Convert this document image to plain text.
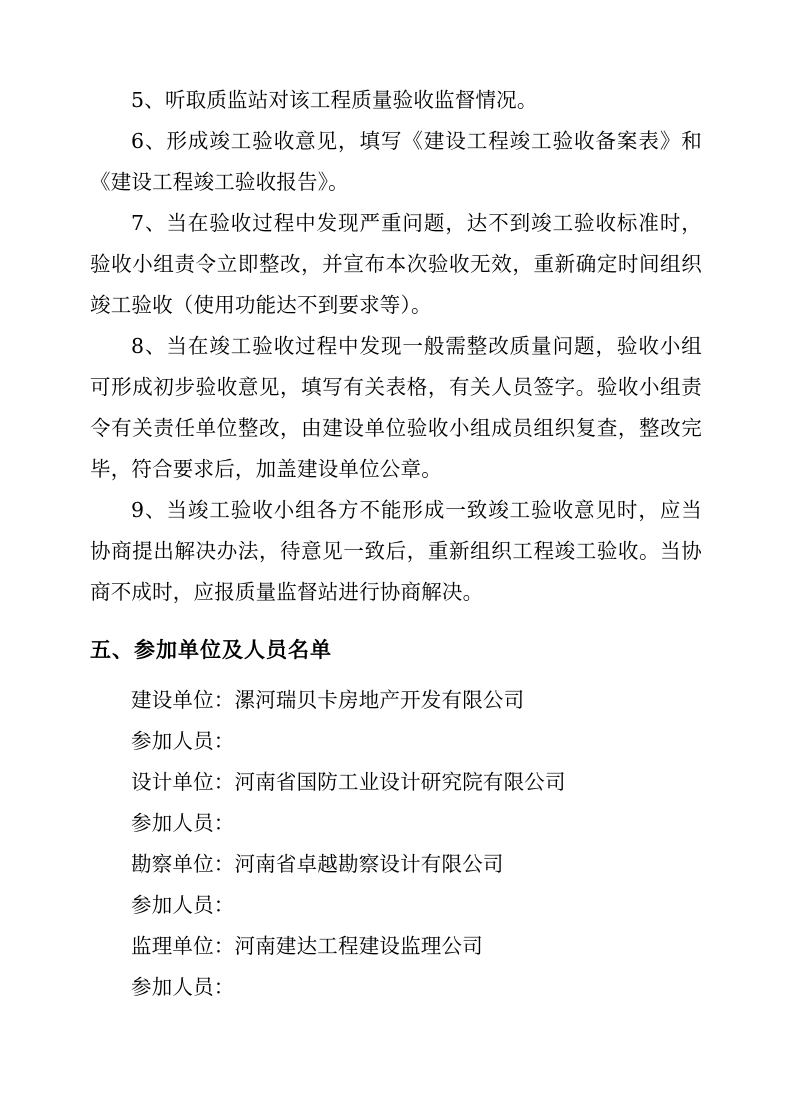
5、听取质监站对该工程质量验收监督情况。

6、形成竣工验收意见，填写《建设工程竣工验收备案表》和《建设工程竣工验收报告》。

7、当在验收过程中发现严重问题，达不到竣工验收标准时，验收小组责令立即整改，并宣布本次验收无效，重新确定时间组织竣工验收（使用功能达不到要求等）。

8、当在竣工验收过程中发现一般需整改质量问题，验收小组可形成初步验收意见，填写有关表格，有关人员签字。验收小组责令有关责任单位整改，由建设单位验收小组成员组织复查，整改完毕，符合要求后，加盖建设单位公章。

9、当竣工验收小组各方不能形成一致竣工验收意见时，应当协商提出解决办法，待意见一致后，重新组织工程竣工验收。当协商不成时，应报质量监督站进行协商解决。

五、参加单位及人员名单
建设单位：漯河瑞贝卡房地产开发有限公司
参加人员：
设计单位：河南省国防工业设计研究院有限公司
参加人员：
勘察单位：河南省卓越勘察设计有限公司
参加人员：
监理单位：河南建达工程建设监理公司
参加人员：
